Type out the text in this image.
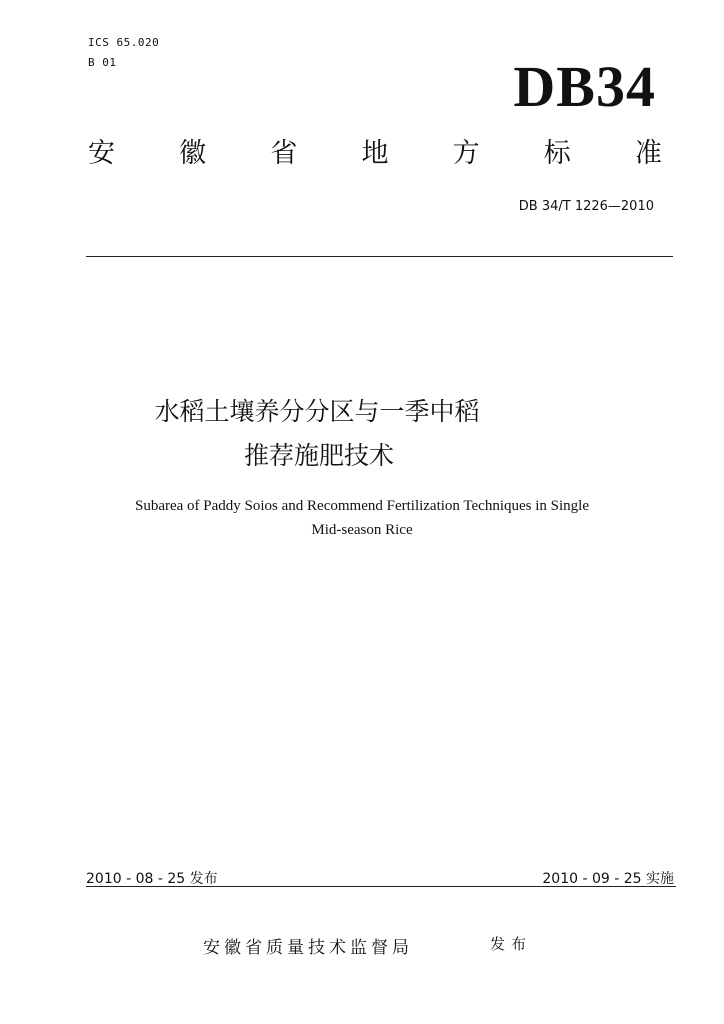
ICS 65.020
B 01	DB34
安 徽 省 地 方 标 准
DB 34/T 1226—2010
水稻土壤养分分区与一季中稻
推荐施肥技术
Subarea of Paddy Soios and Recommend Fertilization Techniques in Single
Mid-season Rice
2010 - 08 - 25 发布	2010 - 09 - 25 实施
安徽省质量技术监督局	发布
